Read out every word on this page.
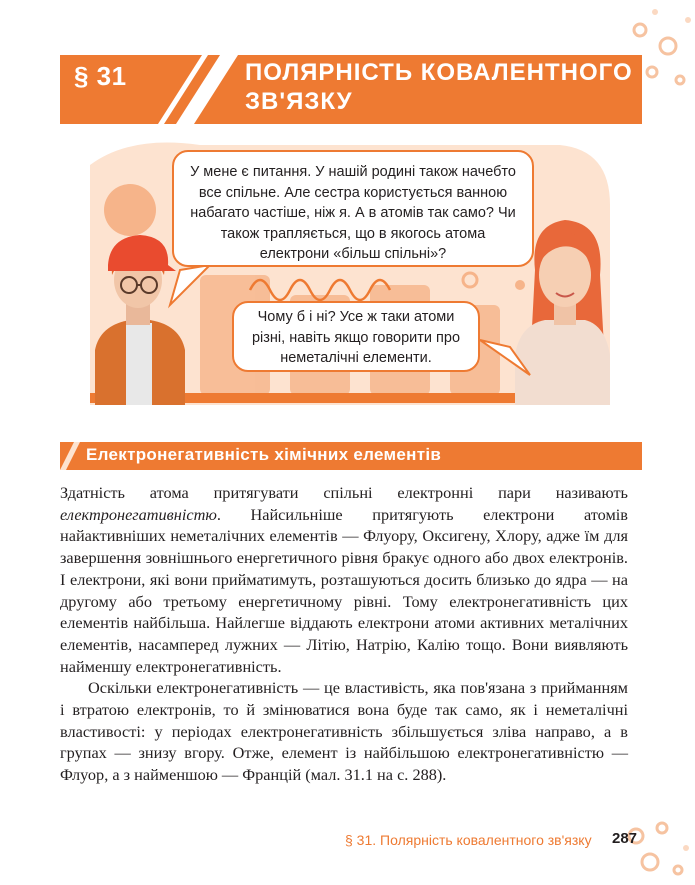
§ 31	ПОЛЯРНІСТЬ КОВАЛЕНТНОГО ЗВ'ЯЗКУ
У мене є питання. У нашій родині також начебто все спільне. Але сестра користується ванною набагато частіше, ніж я. А в атомів так само? Чи також трапляється, що в якогось атома електрони «більш спільні»?
Чому б і ні? Усе ж таки атоми різні, навіть якщо говорити про неметалічні елементи.
Електронегативність хімічних елементів

Здатність атома притягувати спільні електронні пари називають електронегативністю. Найсильніше притягують електрони атомів найактивніших неметалічних елементів — Флуору, Оксигену, Хлору, адже їм для завершення зовнішнього енергетичного рівня бракує одного або двох електронів. І електрони, які вони прийматимуть, розташуються досить близько до ядра — на другому або третьому енергетичному рівні. Тому електронегативність цих елементів найбільша. Найлегше віддають електрони атоми активних металічних елементів, насамперед лужних — Літію, Натрію, Калію тощо. Вони виявляють найменшу електронегативність.

Оскільки електронегативність — це властивість, яка пов'язана з прийманням і втратою електронів, то й змінюватися вона буде так само, як і неметалічні властивості: у періодах електронегативність збільшується зліва направо, а в групах — знизу вгору. Отже, елемент із найбільшою електронегативністю — Флуор, а з найменшою — Францій (мал. 31.1 на с. 288).

§ 31. Полярність ковалентного зв'язку 287
